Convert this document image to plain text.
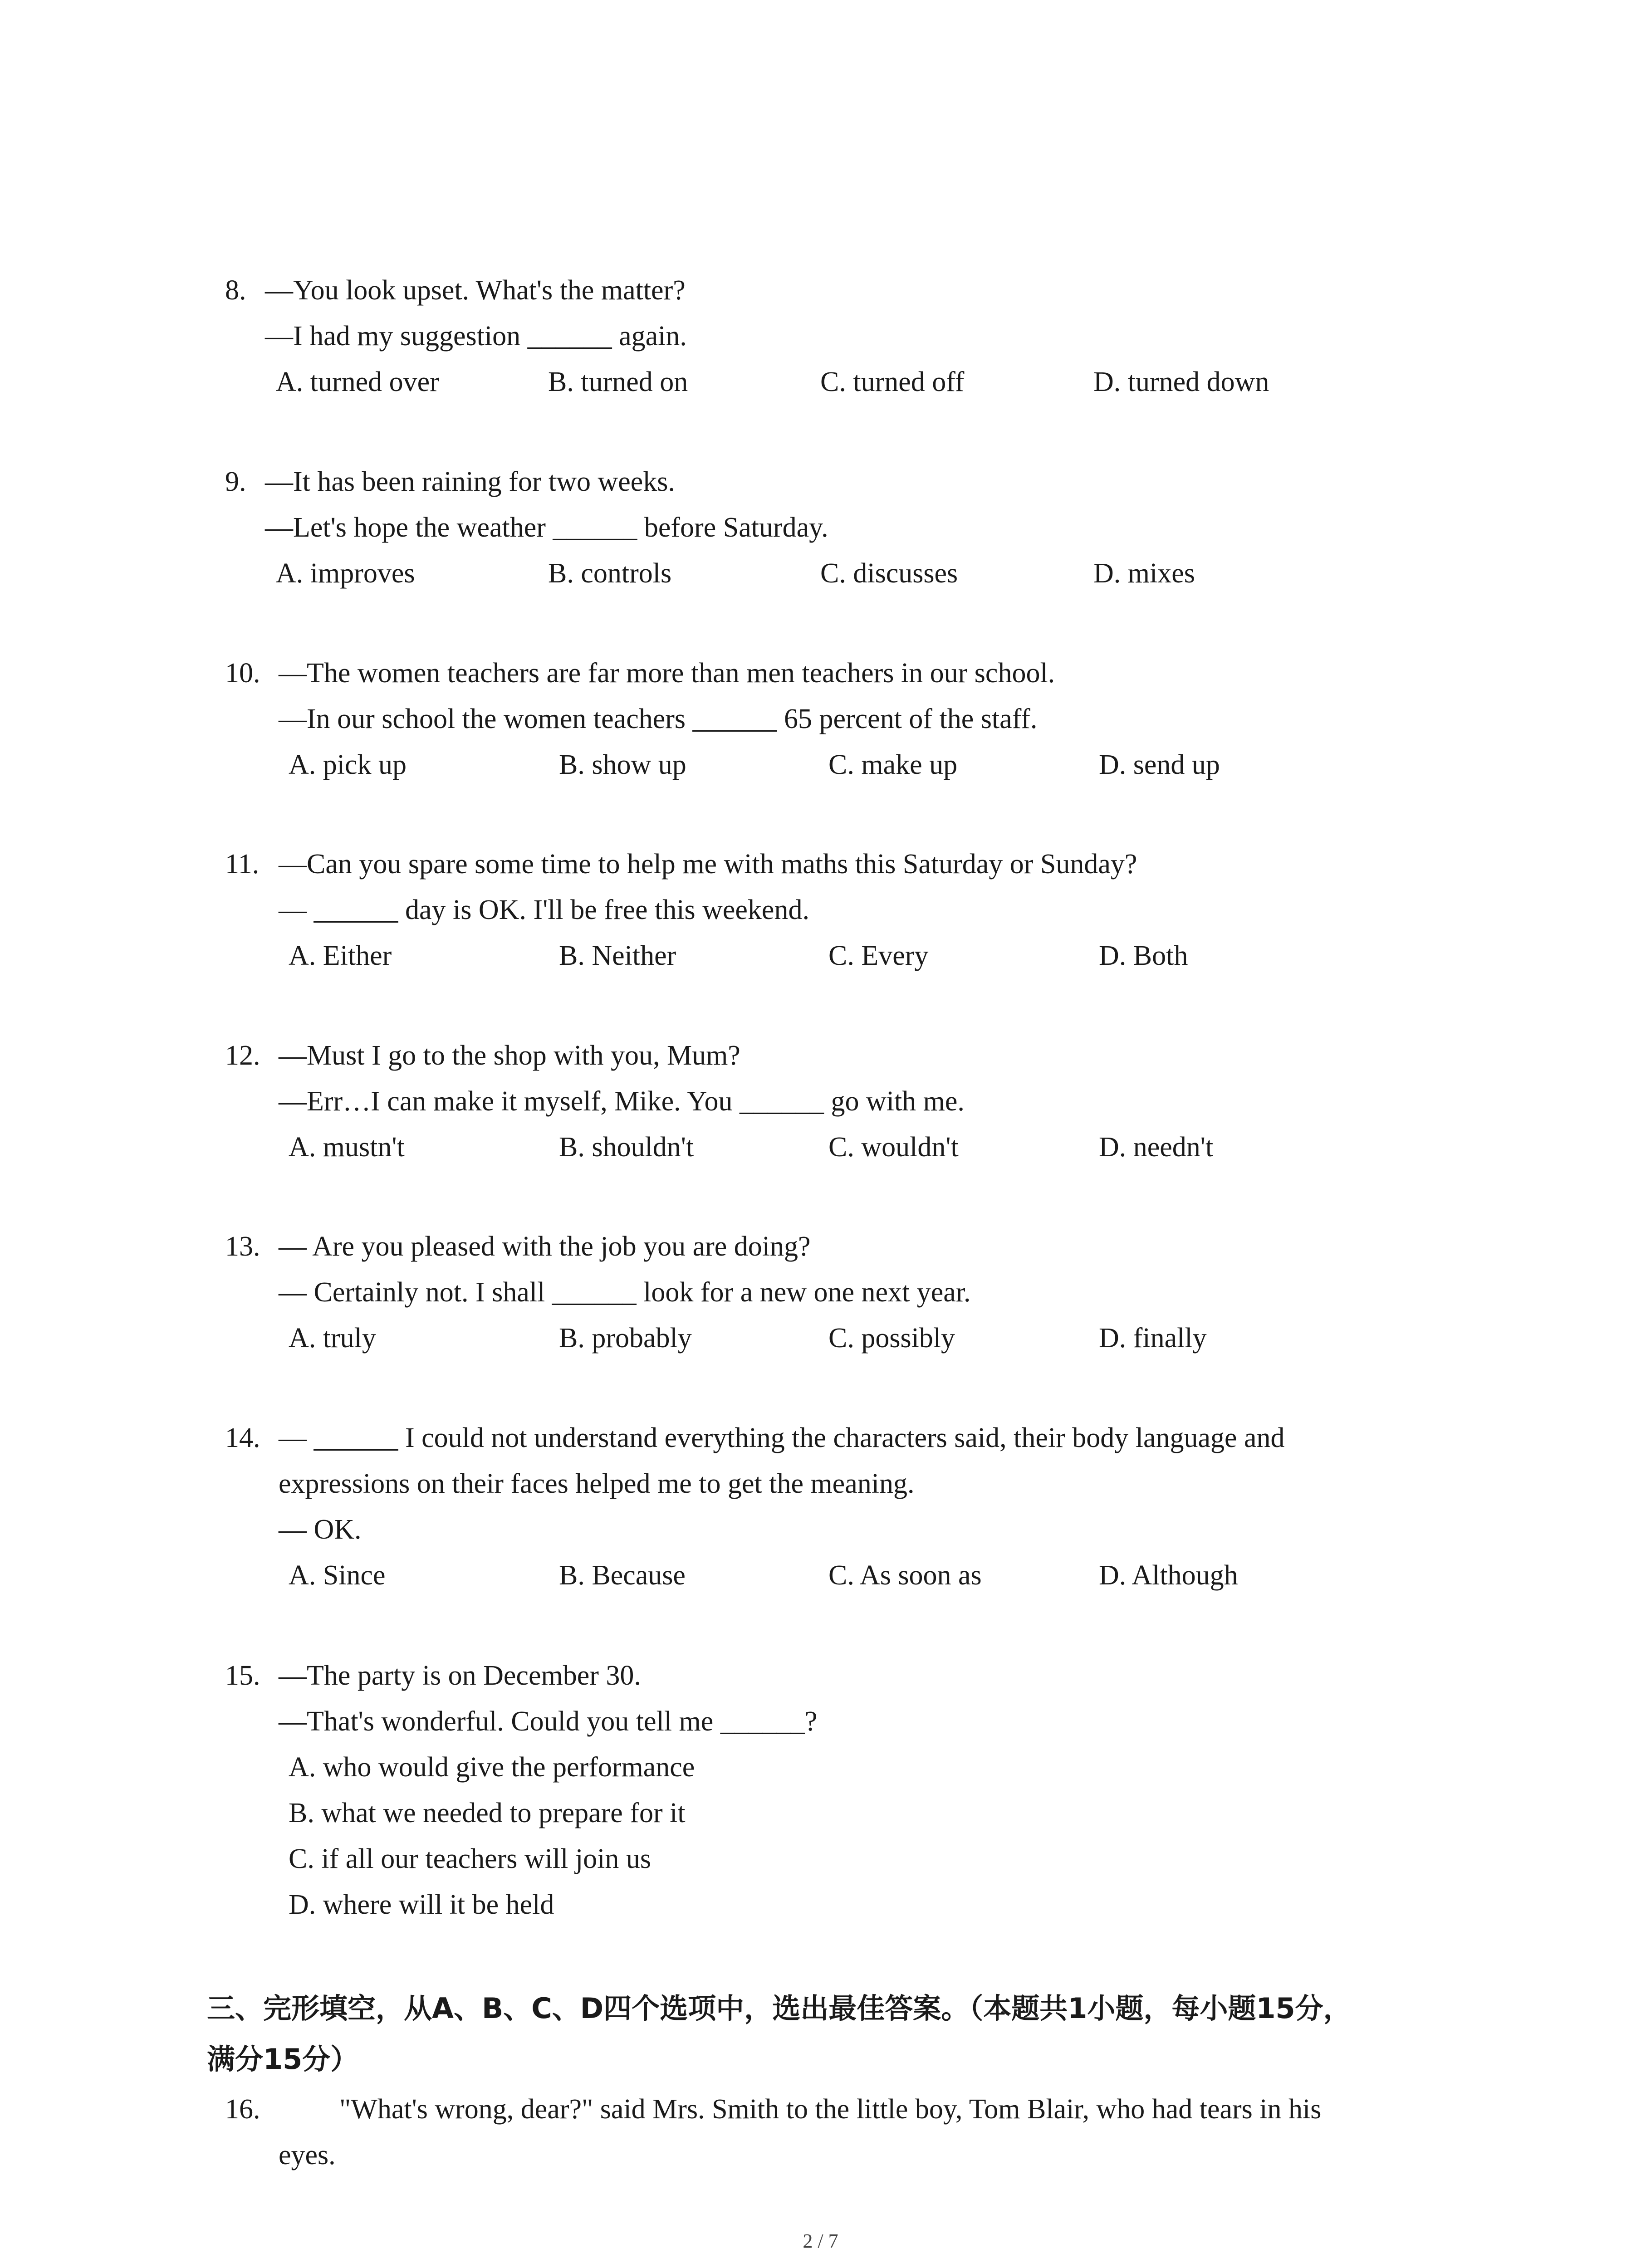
8. —You look upset. What's the matter?
—I had my suggestion ______ again.
A. turned over	B. turned on	C. turned off	D. turned down
9. —It has been raining for two weeks.
—Let's hope the weather ______ before Saturday.
A. improves	B. controls	C. discusses	D. mixes
10. —The women teachers are far more than men teachers in our school.
—In our school the women teachers ______ 65 percent of the staff.
A. pick up	B. show up	C. make up	D. send up
11. —Can you spare some time to help me with maths this Saturday or Sunday?
— ______ day is OK. I'll be free this weekend.
A. Either	B. Neither	C. Every	D. Both
12. —Must I go to the shop with you, Mum?
—Err…I can make it myself, Mike. You ______ go with me.
A. mustn't	B. shouldn't	C. wouldn't	D. needn't
13. — Are you pleased with the job you are doing?
— Certainly not. I shall ______ look for a new one next year.
A. truly	B. probably	C. possibly	D. finally
14. — ______ I could not understand everything the characters said, their body language and
expressions on their faces helped me to get the meaning.
— OK.
A. Since	B. Because	C. As soon as	D. Although
15. —The party is on December 30.
—That's wonderful. Could you tell me ______?
A. who would give the performance
B. what we needed to prepare for it
C. if all our teachers will join us
D. where will it be held
三、完形填空，从A、B、C、D四个选项中，选出最佳答案。（本题共1小题，每小题15分，
满分15分）
16.	"What's wrong, dear?" said Mrs. Smith to the little boy, Tom Blair, who had tears in his
eyes.
2 / 7
